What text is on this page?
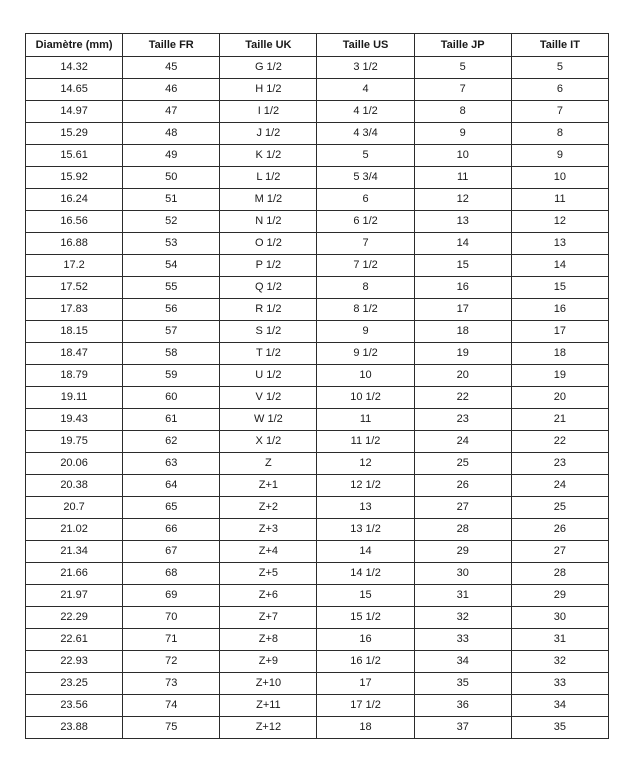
Diamètre (mm)	Taille FR	Taille UK	Taille US	Taille JP	Taille IT
14.32	45	G 1/2	3 1/2	5	5
14.65	46	H 1/2	4	7	6
14.97	47	I 1/2	4 1/2	8	7
15.29	48	J 1/2	4 3/4	9	8
15.61	49	K 1/2	5	10	9
15.92	50	L 1/2	5 3/4	11	10
16.24	51	M 1/2	6	12	11
16.56	52	N 1/2	6 1/2	13	12
16.88	53	O 1/2	7	14	13
17.2	54	P 1/2	7 1/2	15	14
17.52	55	Q 1/2	8	16	15
17.83	56	R 1/2	8 1/2	17	16
18.15	57	S 1/2	9	18	17
18.47	58	T 1/2	9 1/2	19	18
18.79	59	U 1/2	10	20	19
19.11	60	V 1/2	10 1/2	22	20
19.43	61	W 1/2	11	23	21
19.75	62	X 1/2	11 1/2	24	22
20.06	63	Z	12	25	23
20.38	64	Z+1	12 1/2	26	24
20.7	65	Z+2	13	27	25
21.02	66	Z+3	13 1/2	28	26
21.34	67	Z+4	14	29	27
21.66	68	Z+5	14 1/2	30	28
21.97	69	Z+6	15	31	29
22.29	70	Z+7	15 1/2	32	30
22.61	71	Z+8	16	33	31
22.93	72	Z+9	16 1/2	34	32
23.25	73	Z+10	17	35	33
23.56	74	Z+11	17 1/2	36	34
23.88	75	Z+12	18	37	35
